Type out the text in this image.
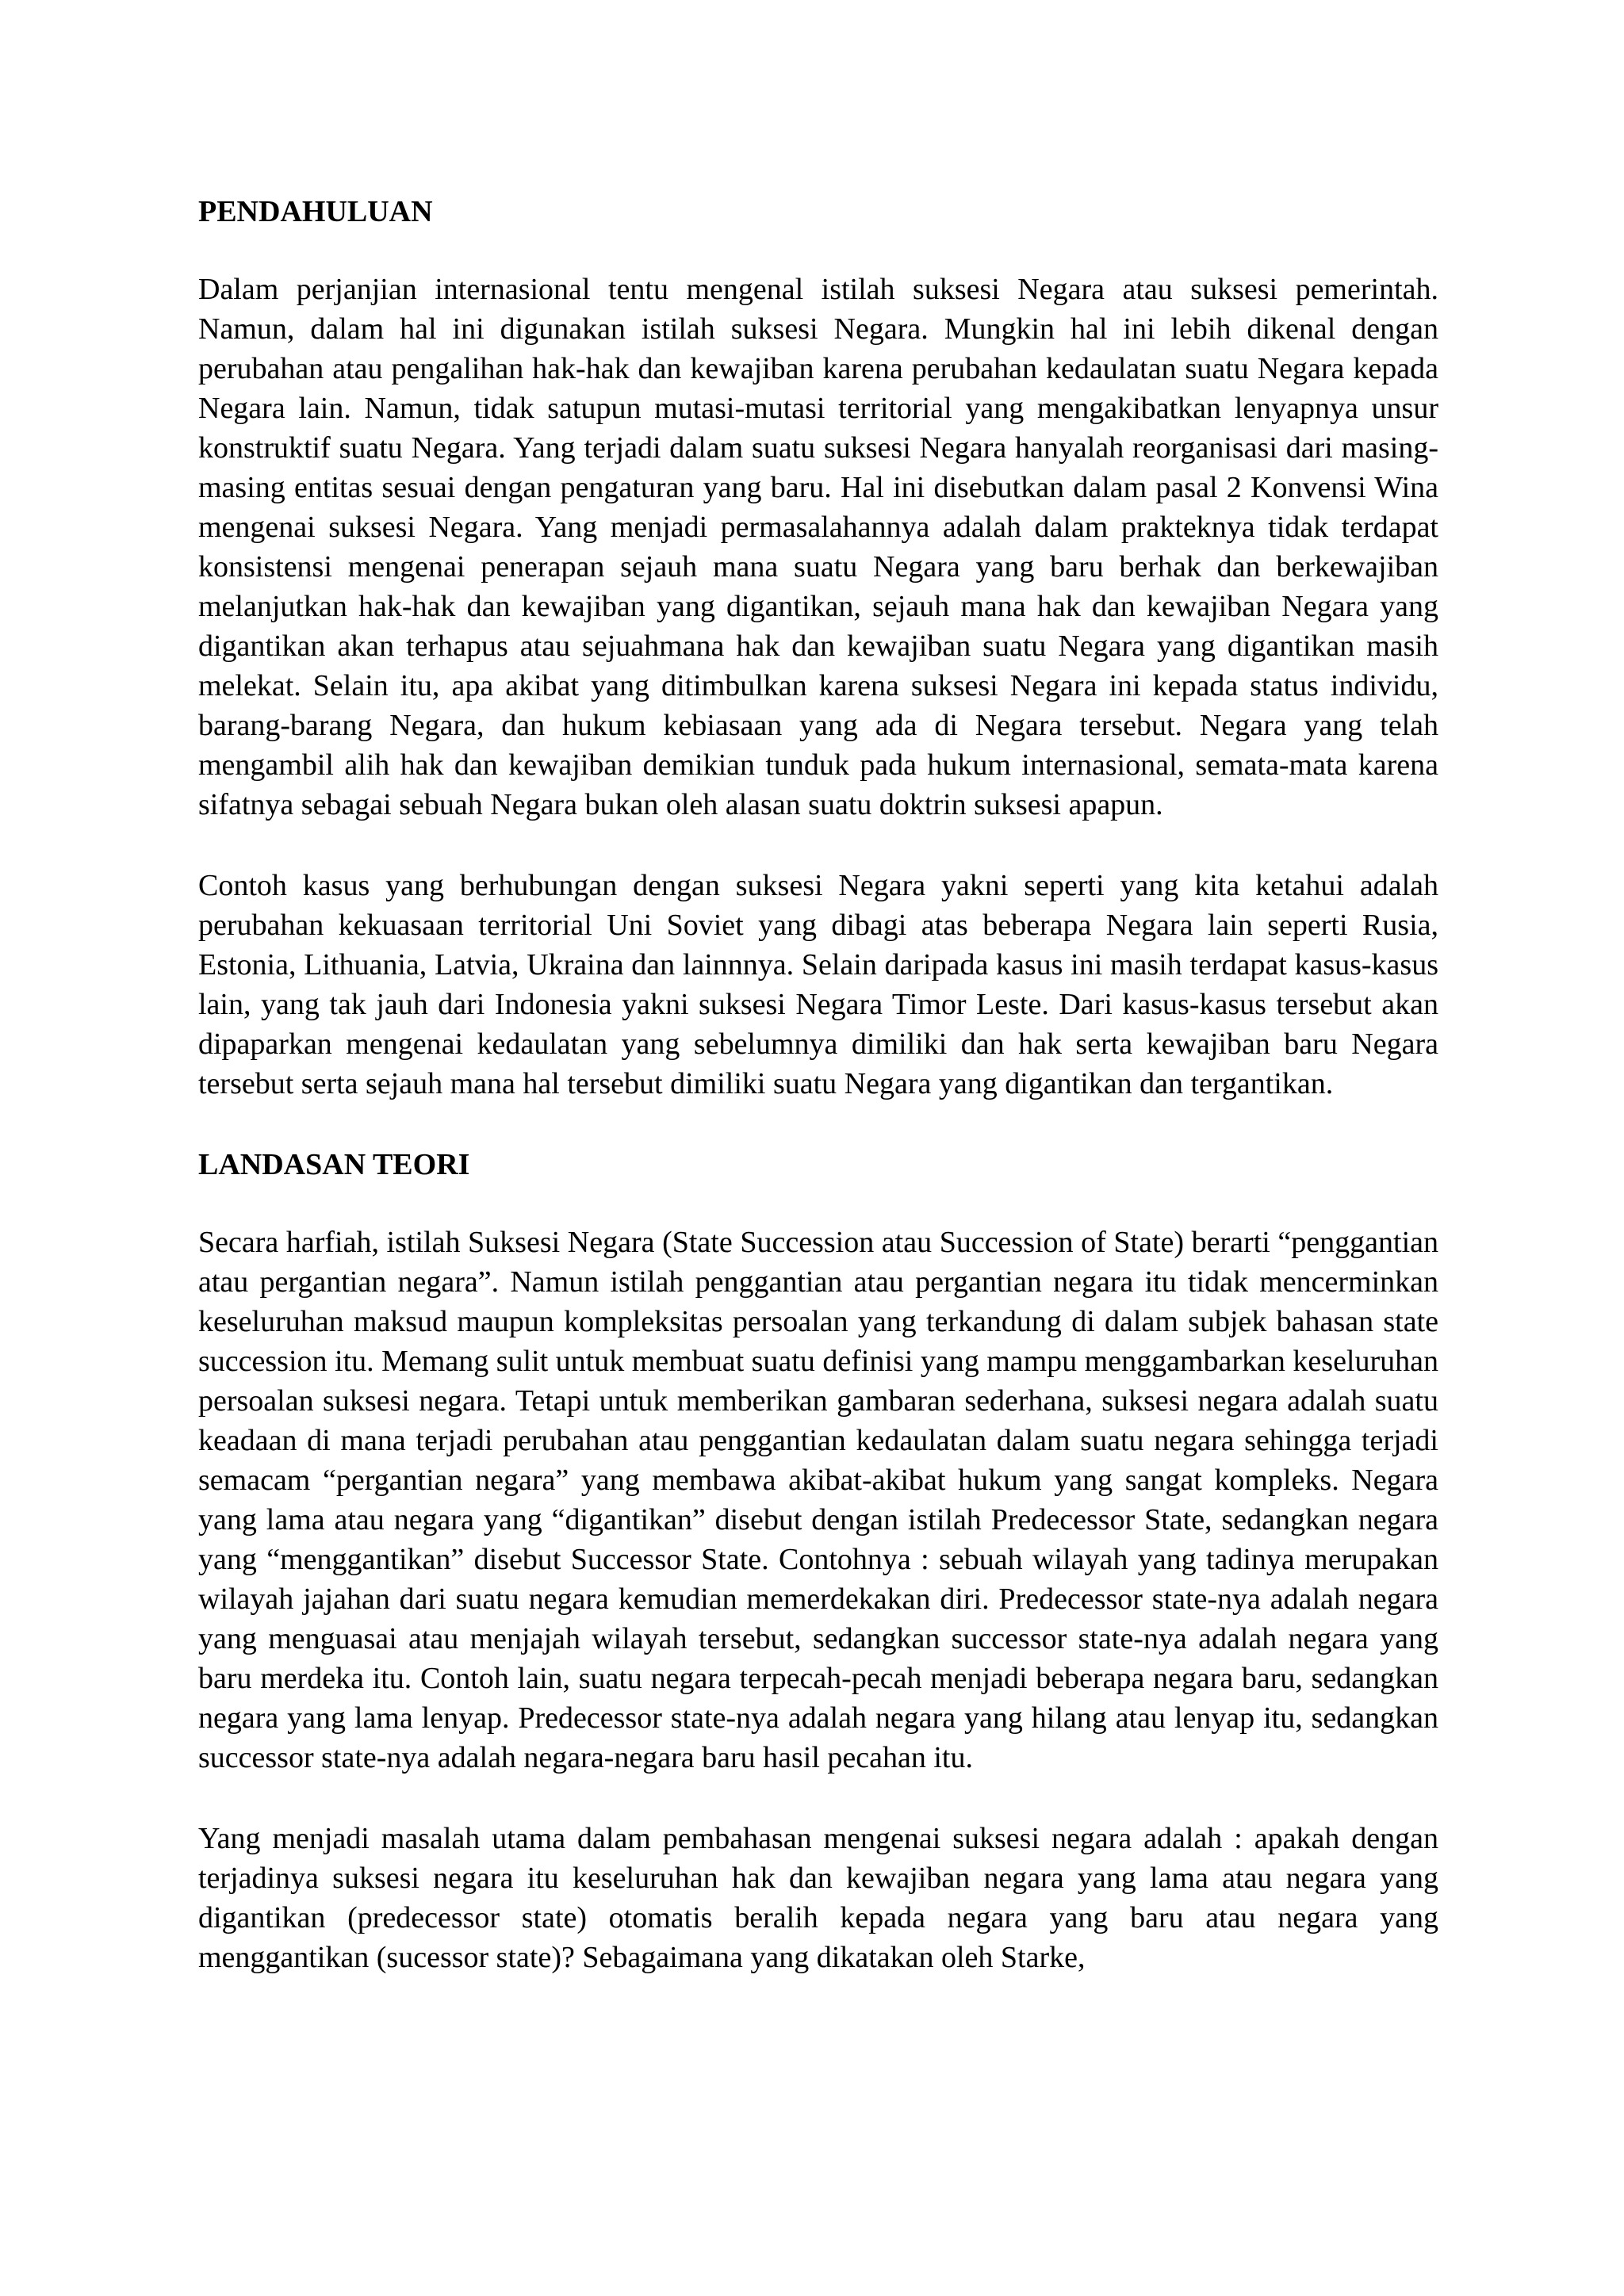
PENDAHULUAN

Dalam perjanjian internasional tentu mengenal istilah suksesi Negara atau suksesi pemerintah. Namun, dalam hal ini digunakan istilah suksesi Negara. Mungkin hal ini lebih dikenal dengan perubahan atau pengalihan hak-hak dan kewajiban karena perubahan kedaulatan suatu Negara kepada Negara lain. Namun, tidak satupun mutasi-mutasi territorial yang mengakibatkan lenyapnya unsur konstruktif suatu Negara. Yang terjadi dalam suatu suksesi Negara hanyalah reorganisasi dari masing-masing entitas sesuai dengan pengaturan yang baru. Hal ini disebutkan dalam pasal 2 Konvensi Wina mengenai suksesi Negara. Yang menjadi permasalahannya adalah dalam prakteknya tidak terdapat konsistensi mengenai penerapan sejauh mana suatu Negara yang baru berhak dan berkewajiban melanjutkan hak-hak dan kewajiban yang digantikan, sejauh mana hak dan kewajiban Negara yang digantikan akan terhapus atau sejuahmana hak dan kewajiban suatu Negara yang digantikan masih melekat. Selain itu, apa akibat yang ditimbulkan karena suksesi Negara ini kepada status individu, barang-barang Negara, dan hukum kebiasaan yang ada di Negara tersebut. Negara yang telah mengambil alih hak dan kewajiban demikian tunduk pada hukum internasional, semata-mata karena sifatnya sebagai sebuah Negara bukan oleh alasan suatu doktrin suksesi apapun.

Contoh kasus yang berhubungan dengan suksesi Negara yakni seperti yang kita ketahui adalah perubahan kekuasaan territorial Uni Soviet yang dibagi atas beberapa Negara lain seperti Rusia, Estonia, Lithuania, Latvia, Ukraina dan lainnnya. Selain daripada kasus ini masih terdapat kasus-kasus lain, yang tak jauh dari Indonesia yakni suksesi Negara Timor Leste. Dari kasus-kasus tersebut akan dipaparkan mengenai kedaulatan yang sebelumnya dimiliki dan hak serta kewajiban baru Negara tersebut serta sejauh mana hal tersebut dimiliki suatu Negara yang digantikan dan tergantikan.

LANDASAN TEORI

Secara harfiah, istilah Suksesi Negara (State Succession atau Succession of State) berarti “penggantian atau pergantian negara”. Namun istilah penggantian atau pergantian negara itu tidak mencerminkan keseluruhan maksud maupun kompleksitas persoalan yang terkandung di dalam subjek bahasan state succession itu. Memang sulit untuk membuat suatu definisi yang mampu menggambarkan keseluruhan persoalan suksesi negara. Tetapi untuk memberikan gambaran sederhana, suksesi negara adalah suatu keadaan di mana terjadi perubahan atau penggantian kedaulatan dalam suatu negara sehingga terjadi semacam “pergantian negara” yang membawa akibat-akibat hukum yang sangat kompleks. Negara yang lama atau negara yang “digantikan” disebut dengan istilah Predecessor State, sedangkan negara yang “menggantikan” disebut Successor State. Contohnya : sebuah wilayah yang tadinya merupakan wilayah jajahan dari suatu negara kemudian memerdekakan diri. Predecessor state-nya adalah negara yang menguasai atau menjajah wilayah tersebut, sedangkan successor state-nya adalah negara yang baru merdeka itu. Contoh lain, suatu negara terpecah-pecah menjadi beberapa negara baru, sedangkan negara yang lama lenyap. Predecessor state-nya adalah negara yang hilang atau lenyap itu, sedangkan successor state-nya adalah negara-negara baru hasil pecahan itu.

Yang menjadi masalah utama dalam pembahasan mengenai suksesi negara adalah : apakah dengan terjadinya suksesi negara itu keseluruhan hak dan kewajiban negara yang lama atau negara yang digantikan (predecessor state) otomatis beralih kepada negara yang baru atau negara yang menggantikan (sucessor state)? Sebagaimana yang dikatakan oleh Starke,
